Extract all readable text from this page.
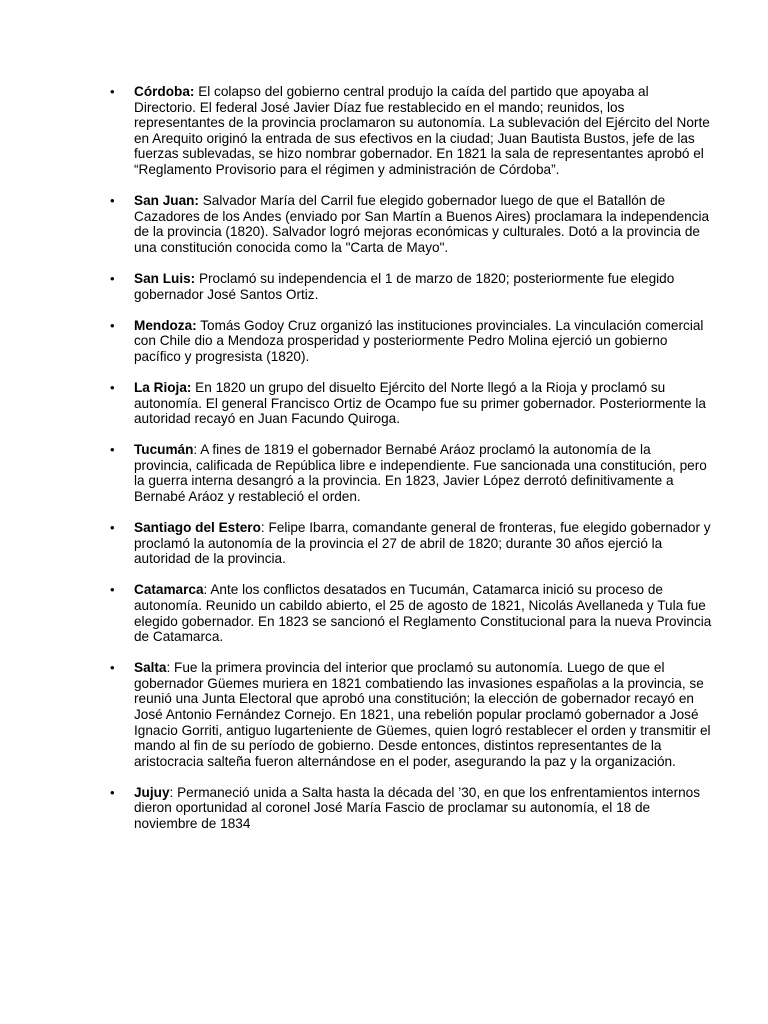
• Córdoba: El colapso del gobierno central produjo la caída del partido que apoyaba al Directorio. El federal José Javier Díaz fue restablecido en el mando; reunidos, los representantes de la provincia proclamaron su autonomía. La sublevación del Ejército del Norte en Arequito originó la entrada de sus efectivos en la ciudad; Juan Bautista Bustos, jefe de las fuerzas sublevadas, se hizo nombrar gobernador. En 1821 la sala de representantes aprobó el “Reglamento Provisorio para el régimen y administración de Córdoba”.
• San Juan: Salvador María del Carril fue elegido gobernador luego de que el Batallón de Cazadores de los Andes (enviado por San Martín a Buenos Aires) proclamara la independencia de la provincia (1820). Salvador logró mejoras económicas y culturales. Dotó a la provincia de una constitución conocida como la "Carta de Mayo".
• San Luis: Proclamó su independencia el 1 de marzo de 1820; posteriormente fue elegido gobernador José Santos Ortiz.
• Mendoza: Tomás Godoy Cruz organizó las instituciones provinciales. La vinculación comercial con Chile dio a Mendoza prosperidad y posteriormente Pedro Molina ejerció un gobierno pacífico y progresista (1820).
• La Rioja: En 1820 un grupo del disuelto Ejército del Norte llegó a la Rioja y proclamó su autonomía. El general Francisco Ortiz de Ocampo fue su primer gobernador. Posteriormente la autoridad recayó en Juan Facundo Quiroga.
• Tucumán: A fines de 1819 el gobernador Bernabé Aráoz proclamó la autonomía de la provincia, calificada de República libre e independiente. Fue sancionada una constitución, pero la guerra interna desangró a la provincia. En 1823, Javier López derrotó definitivamente a Bernabé Aráoz y restableció el orden.
• Santiago del Estero: Felipe Ibarra, comandante general de fronteras, fue elegido gobernador y proclamó la autonomía de la provincia el 27 de abril de 1820; durante 30 años ejerció la autoridad de la provincia.
• Catamarca: Ante los conflictos desatados en Tucumán, Catamarca inició su proceso de autonomía. Reunido un cabildo abierto, el 25 de agosto de 1821, Nicolás Avellaneda y Tula fue elegido gobernador. En 1823 se sancionó el Reglamento Constitucional para la nueva Provincia de Catamarca.
• Salta: Fue la primera provincia del interior que proclamó su autonomía. Luego de que el gobernador Güemes muriera en 1821 combatiendo las invasiones españolas a la provincia, se reunió una Junta Electoral que aprobó una constitución; la elección de gobernador recayó en José Antonio Fernández Cornejo. En 1821, una rebelión popular proclamó gobernador a José Ignacio Gorriti, antiguo lugarteniente de Güemes, quien logró restablecer el orden y transmitir el mando al fin de su período de gobierno. Desde entonces, distintos representantes de la aristocracia salteña fueron alternándose en el poder, asegurando la paz y la organización.
• Jujuy: Permaneció unida a Salta hasta la década del ’30, en que los enfrentamientos internos dieron oportunidad al coronel José María Fascio de proclamar su autonomía, el 18 de noviembre de 1834
